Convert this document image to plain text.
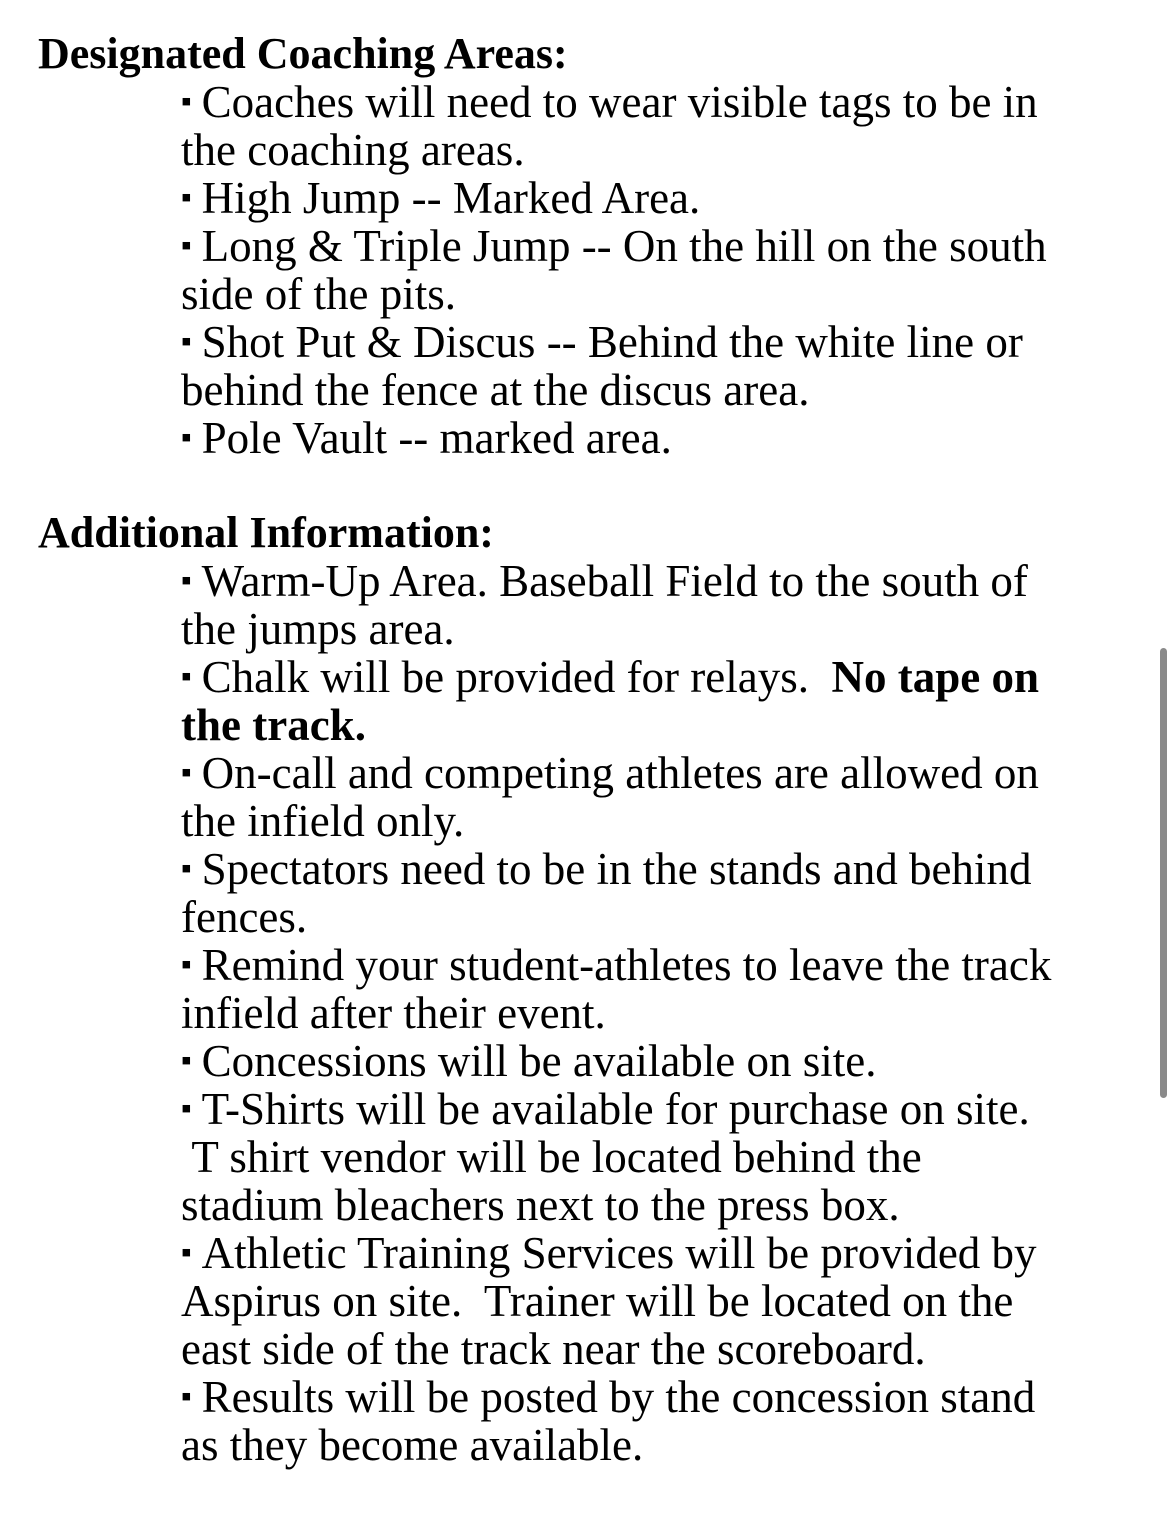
Designated Coaching Areas:
▪ Coaches will need to wear visible tags to be in
the coaching areas.
▪ High Jump -- Marked Area.
▪ Long & Triple Jump -- On the hill on the south
side of the pits.
▪ Shot Put & Discus -- Behind the white line or
behind the fence at the discus area.
▪ Pole Vault -- marked area.
Additional Information:
▪ Warm-Up Area. Baseball Field to the south of
the jumps area.
▪ Chalk will be provided for relays.  No tape on
the track.
▪ On-call and competing athletes are allowed on
the infield only.
▪ Spectators need to be in the stands and behind
fences.
▪ Remind your student-athletes to leave the track
infield after their event.
▪ Concessions will be available on site.
▪ T-Shirts will be available for purchase on site.
T shirt vendor will be located behind the
stadium bleachers next to the press box.
▪ Athletic Training Services will be provided by
Aspirus on site.  Trainer will be located on the
east side of the track near the scoreboard.
▪ Results will be posted by the concession stand
as they become available.
